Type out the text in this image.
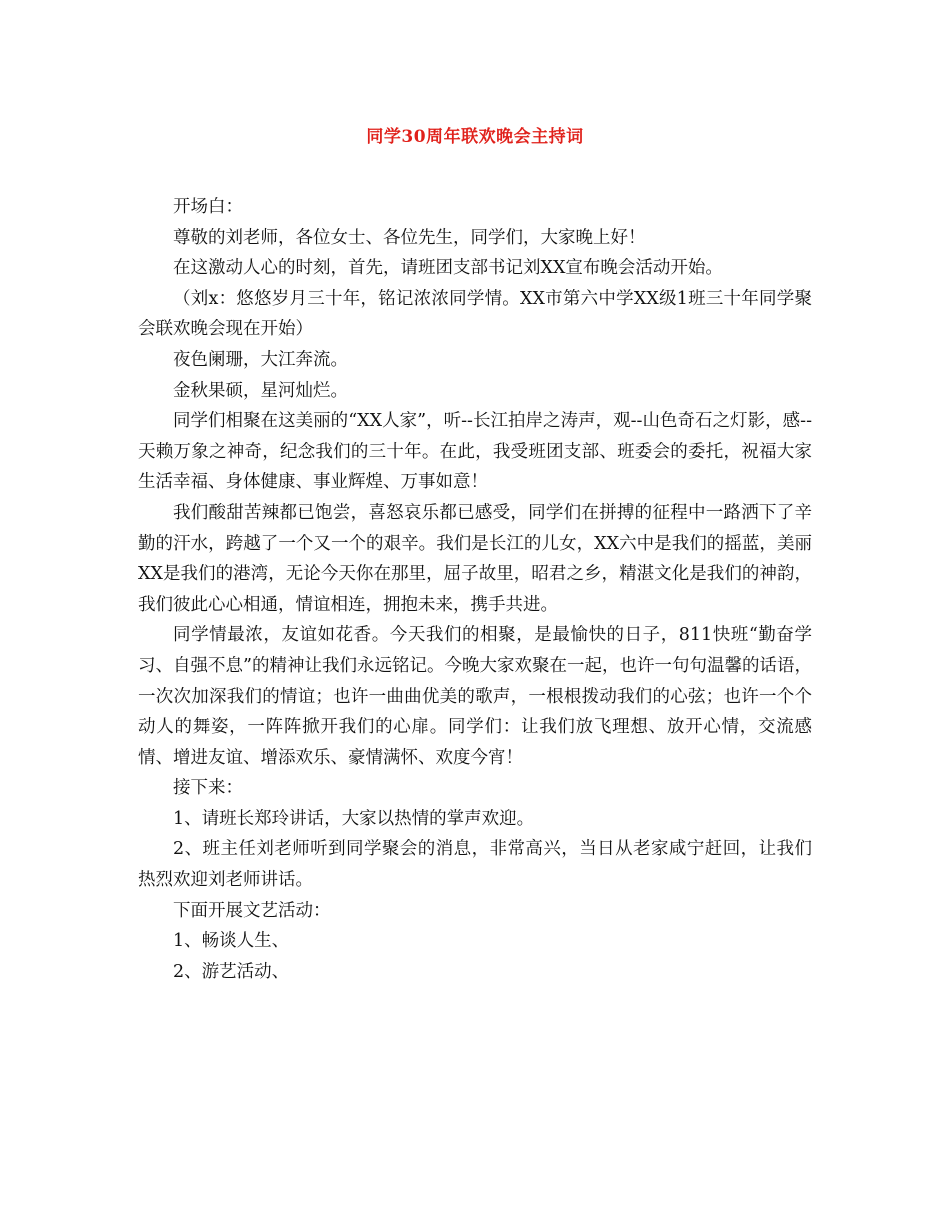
同学30周年联欢晚会主持词

开场白：

尊敬的刘老师，各位女士、各位先生，同学们，大家晚上好！

在这激动人心的时刻，首先，请班团支部书记刘XX宣布晚会活动开始。

（刘x：悠悠岁月三十年，铭记浓浓同学情。XX市第六中学XX级1班三十年同学聚会联欢晚会现在开始）

夜色阑珊，大江奔流。

金秋果硕，星河灿烂。

同学们相聚在这美丽的“XX人家”，听--长江拍岸之涛声，观--山色奇石之灯影，感--天赖万象之神奇，纪念我们的三十年。在此，我受班团支部、班委会的委托，祝福大家生活幸福、身体健康、事业辉煌、万事如意！

我们酸甜苦辣都已饱尝，喜怒哀乐都已感受，同学们在拼搏的征程中一路洒下了辛勤的汗水，跨越了一个又一个的艰辛。我们是长江的儿女，XX六中是我们的摇蓝，美丽XX是我们的港湾，无论今天你在那里，屈子故里，昭君之乡，精湛文化是我们的神韵，我们彼此心心相通，情谊相连，拥抱未来，携手共进。

同学情最浓，友谊如花香。今天我们的相聚，是最愉快的日子，811快班“勤奋学习、自强不息”的精神让我们永远铭记。今晚大家欢聚在一起，也许一句句温馨的话语，一次次加深我们的情谊；也许一曲曲优美的歌声，一根根拨动我们的心弦；也许一个个动人的舞姿，一阵阵掀开我们的心扉。同学们：让我们放飞理想、放开心情，交流感情、增进友谊、增添欢乐、豪情满怀、欢度今宵！

接下来：

1、请班长郑玲讲话，大家以热情的掌声欢迎。

2、班主任刘老师听到同学聚会的消息，非常高兴，当日从老家咸宁赶回，让我们热烈欢迎刘老师讲话。

下面开展文艺活动：

1、畅谈人生、

2、游艺活动、
